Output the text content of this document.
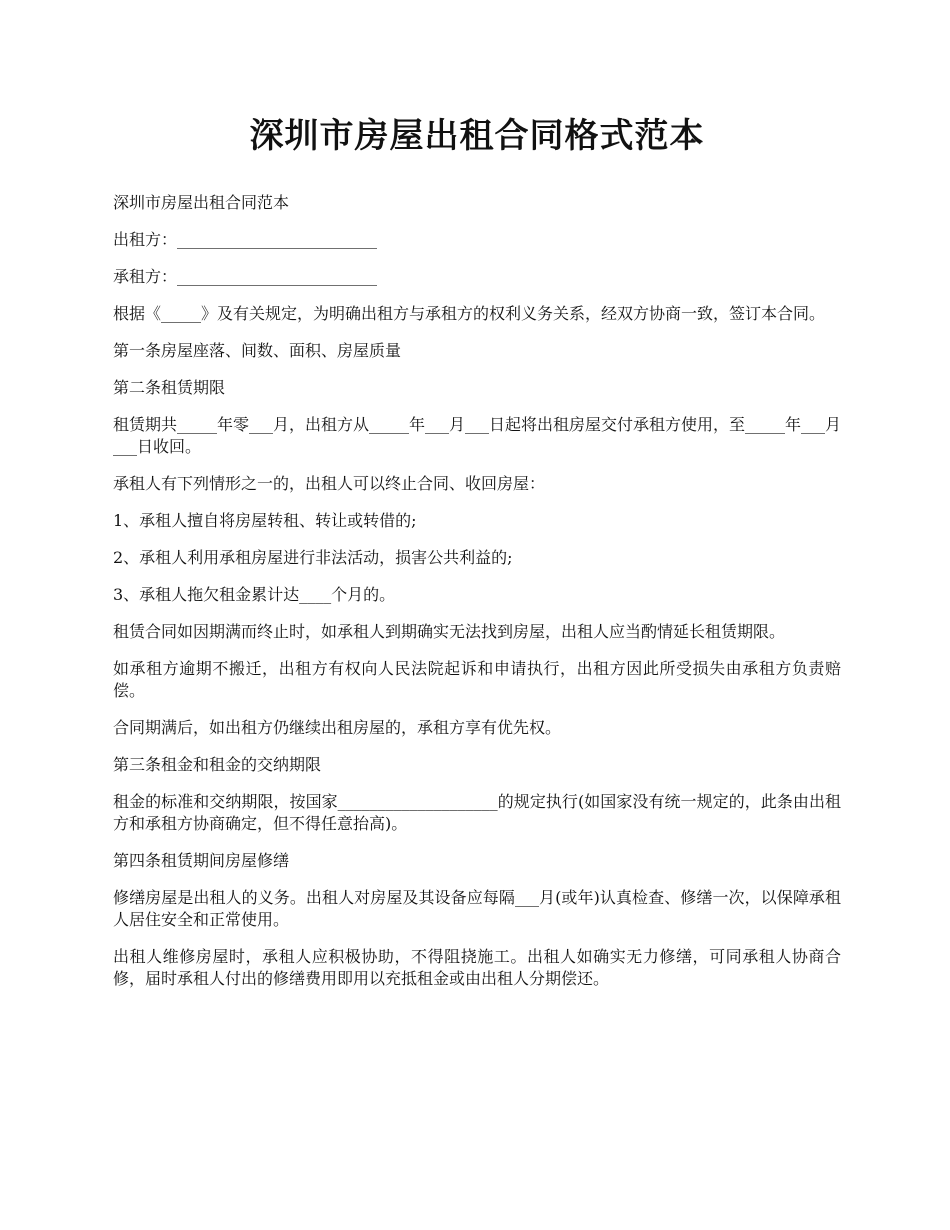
深圳市房屋出租合同格式范本

深圳市房屋出租合同范本

出租方：_________________________

承租方：_________________________

根据《_____》及有关规定，为明确出租方与承租方的权利义务关系，经双方协商一致，签订本合同。

第一条房屋座落、间数、面积、房屋质量

第二条租赁期限

租赁期共_____年零___月，出租方从_____年___月___日起将出租房屋交付承租方使用，至_____年___月___日收回。

承租人有下列情形之一的，出租人可以终止合同、收回房屋：

1、承租人擅自将房屋转租、转让或转借的;

2、承租人利用承租房屋进行非法活动，损害公共利益的;

3、承租人拖欠租金累计达____个月的。

租赁合同如因期满而终止时，如承租人到期确实无法找到房屋，出租人应当酌情延长租赁期限。

如承租方逾期不搬迁，出租方有权向人民法院起诉和申请执行，出租方因此所受损失由承租方负责赔偿。

合同期满后，如出租方仍继续出租房屋的，承租方享有优先权。

第三条租金和租金的交纳期限

租金的标准和交纳期限，按国家____________________的规定执行(如国家没有统一规定的，此条由出租方和承租方协商确定，但不得任意抬高)。

第四条租赁期间房屋修缮

修缮房屋是出租人的义务。出租人对房屋及其设备应每隔___月(或年)认真检查、修缮一次，以保障承租人居住安全和正常使用。

出租人维修房屋时，承租人应积极协助，不得阻挠施工。出租人如确实无力修缮，可同承租人协商合修，届时承租人付出的修缮费用即用以充抵租金或由出租人分期偿还。
